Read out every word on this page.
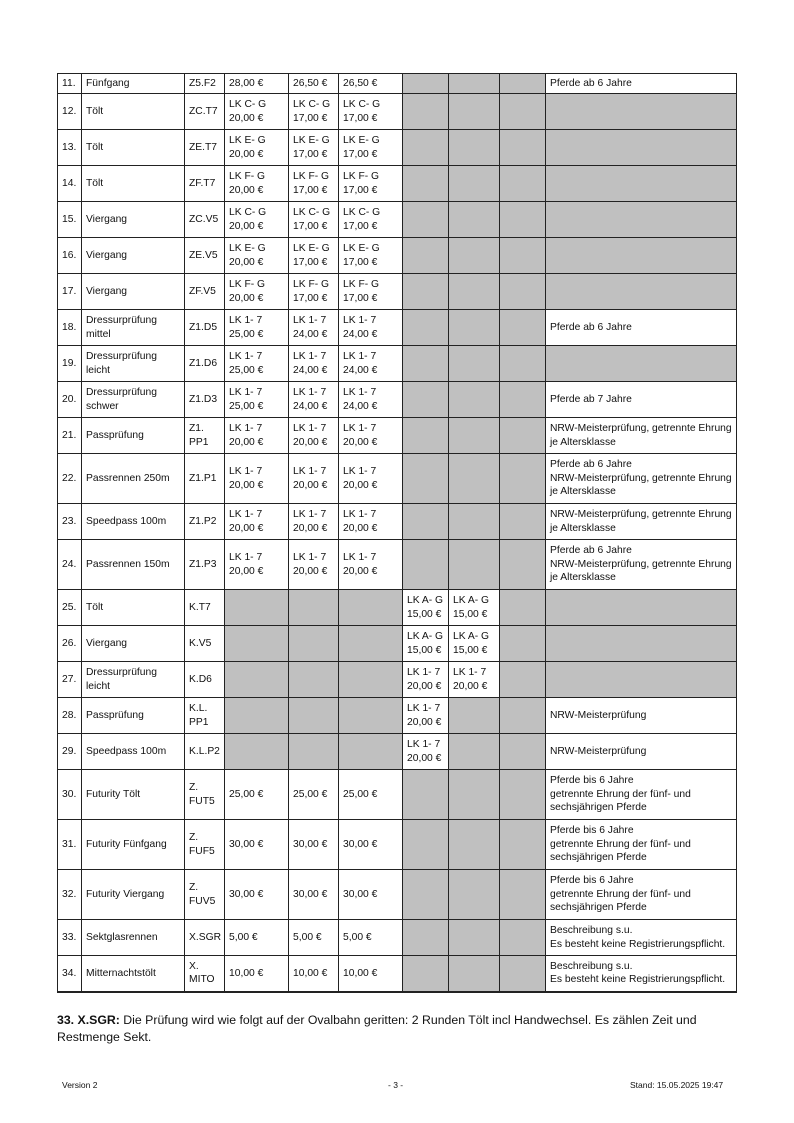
11.	Fünfgang	Z5.F2	28,00 €	26,50 €	26,50 €				Pferde ab 6 Jahre

12.	Tölt	ZC.T7	LK C- G
20,00 €	LK C- G
17,00 €	LK C- G
17,00 €				

13.	Tölt	ZE.T7	LK E- G
20,00 €	LK E- G
17,00 €	LK E- G
17,00 €				

14.	Tölt	ZF.T7	LK F- G
20,00 €	LK F- G
17,00 €	LK F- G
17,00 €				

15.	Viergang	ZC.V5	LK C- G
20,00 €	LK C- G
17,00 €	LK C- G
17,00 €				

16.	Viergang	ZE.V5	LK E- G
20,00 €	LK E- G
17,00 €	LK E- G
17,00 €				

17.	Viergang	ZF.V5	LK F- G
20,00 €	LK F- G
17,00 €	LK F- G
17,00 €				

18.	Dressurprüfung
mittel	Z1.D5	LK 1- 7
25,00 €	LK 1- 7
24,00 €	LK 1- 7
24,00 €				Pferde ab 6 Jahre

19.	Dressurprüfung
leicht	Z1.D6	LK 1- 7
25,00 €	LK 1- 7
24,00 €	LK 1- 7
24,00 €				

20.	Dressurprüfung
schwer	Z1.D3	LK 1- 7
25,00 €	LK 1- 7
24,00 €	LK 1- 7
24,00 €				Pferde ab 7 Jahre

21.	Passprüfung	Z1.
PP1	LK 1- 7
20,00 €	LK 1- 7
20,00 €	LK 1- 7
20,00 €				NRW-Meisterprüfung, getrennte Ehrung je Altersklasse

22.	Passrennen 250m	Z1.P1	LK 1- 7
20,00 €	LK 1- 7
20,00 €	LK 1- 7
20,00 €				Pferde ab 6 Jahre
NRW-Meisterprüfung, getrennte Ehrung je Altersklasse

23.	Speedpass 100m	Z1.P2	LK 1- 7
20,00 €	LK 1- 7
20,00 €	LK 1- 7
20,00 €				NRW-Meisterprüfung, getrennte Ehrung je Altersklasse

24.	Passrennen 150m	Z1.P3	LK 1- 7
20,00 €	LK 1- 7
20,00 €	LK 1- 7
20,00 €				Pferde ab 6 Jahre
NRW-Meisterprüfung, getrennte Ehrung je Altersklasse

25.	Tölt	K.T7				LK A- G
15,00 €	LK A- G
15,00 €		

26.	Viergang	K.V5				LK A- G
15,00 €	LK A- G
15,00 €		

27.	Dressurprüfung
leicht	K.D6				LK 1- 7
20,00 €	LK 1- 7
20,00 €		

28.	Passprüfung	K.L.
PP1				LK 1- 7
20,00 €			NRW-Meisterprüfung

29.	Speedpass 100m	K.L.P2				LK 1- 7
20,00 €			NRW-Meisterprüfung

30.	Futurity Tölt	Z.
FUT5	25,00 €	25,00 €	25,00 €				Pferde bis 6 Jahre
getrennte Ehrung der fünf- und sechsjährigen Pferde

31.	Futurity Fünfgang	Z.
FUF5	30,00 €	30,00 €	30,00 €				Pferde bis 6 Jahre
getrennte Ehrung der fünf- und sechsjährigen Pferde

32.	Futurity Viergang	Z.
FUV5	30,00 €	30,00 €	30,00 €				Pferde bis 6 Jahre
getrennte Ehrung der fünf- und sechsjährigen Pferde

33.	Sektglasrennen	X.SGR	5,00 €	5,00 €	5,00 €				Beschreibung s.u.
Es besteht keine Registrierungspflicht.

34.	Mitternachtstölt	X.
MITO	10,00 €	10,00 €	10,00 €				Beschreibung s.u.
Es besteht keine Registrierungspflicht.
33. X.SGR: Die Prüfung wird wie folgt auf der Ovalbahn geritten: 2 Runden Tölt incl Handwechsel. Es zählen Zeit und Restmenge Sekt.
Version 2	- 3 -	Stand: 15.05.2025 19:47
